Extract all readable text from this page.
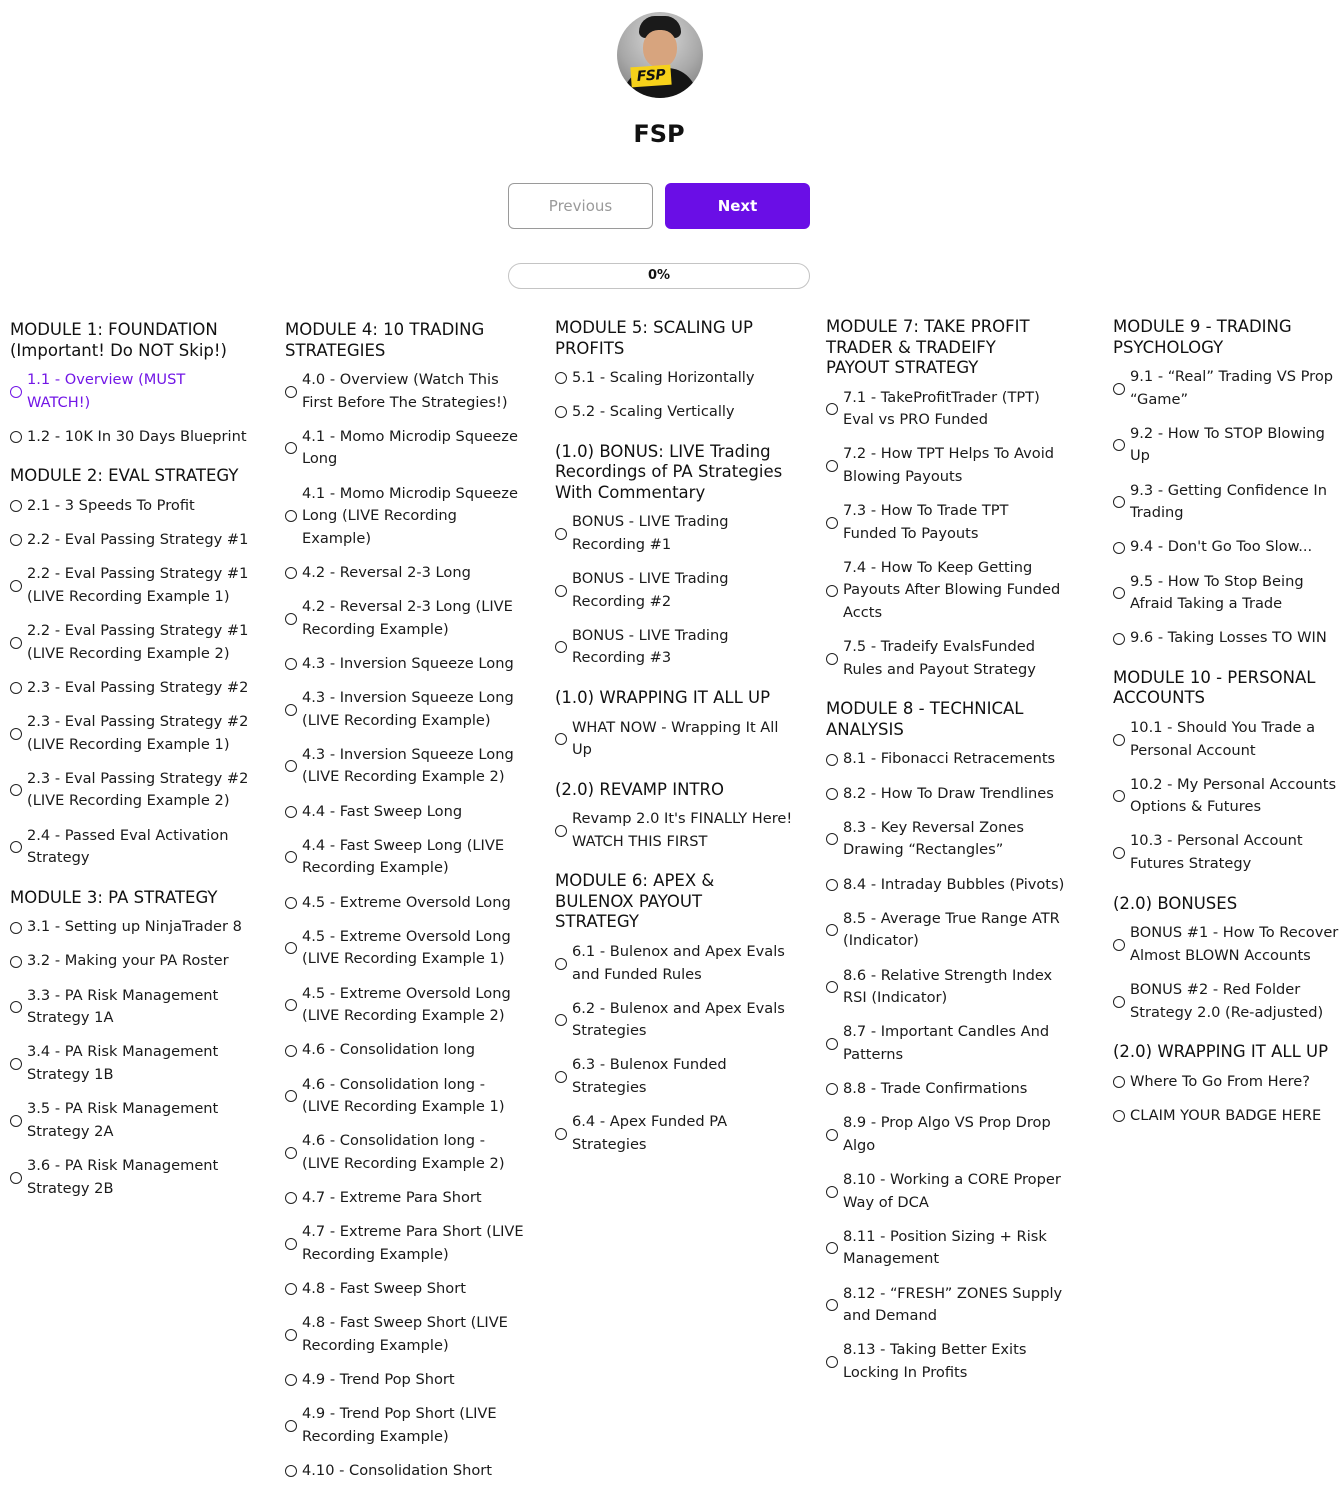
FSP
FSP
Previous	Next
0%
MODULE 1: FOUNDATION
(Important! Do NOT Skip!)
1.1 - Overview (MUST
WATCH!)
1.2 - 10K In 30 Days Blueprint
MODULE 2: EVAL STRATEGY
2.1 - 3 Speeds To Profit
2.2 - Eval Passing Strategy #1
2.2 - Eval Passing Strategy #1
(LIVE Recording Example 1)
2.2 - Eval Passing Strategy #1
(LIVE Recording Example 2)
2.3 - Eval Passing Strategy #2
2.3 - Eval Passing Strategy #2
(LIVE Recording Example 1)
2.3 - Eval Passing Strategy #2
(LIVE Recording Example 2)
2.4 - Passed Eval Activation
Strategy
MODULE 3: PA STRATEGY
3.1 - Setting up NinjaTrader 8
3.2 - Making your PA Roster
3.3 - PA Risk Management
Strategy 1A
3.4 - PA Risk Management
Strategy 1B
3.5 - PA Risk Management
Strategy 2A
3.6 - PA Risk Management
Strategy 2B
MODULE 4: 10 TRADING
STRATEGIES
4.0 - Overview (Watch This
First Before The Strategies!)
4.1 - Momo Microdip Squeeze
Long
4.1 - Momo Microdip Squeeze
Long (LIVE Recording
Example)
4.2 - Reversal 2-3 Long
4.2 - Reversal 2-3 Long (LIVE
Recording Example)
4.3 - Inversion Squeeze Long
4.3 - Inversion Squeeze Long
(LIVE Recording Example)
4.3 - Inversion Squeeze Long
(LIVE Recording Example 2)
4.4 - Fast Sweep Long
4.4 - Fast Sweep Long (LIVE
Recording Example)
4.5 - Extreme Oversold Long
4.5 - Extreme Oversold Long
(LIVE Recording Example 1)
4.5 - Extreme Oversold Long
(LIVE Recording Example 2)
4.6 - Consolidation long
4.6 - Consolidation long -
(LIVE Recording Example 1)
4.6 - Consolidation long -
(LIVE Recording Example 2)
4.7 - Extreme Para Short
4.7 - Extreme Para Short (LIVE
Recording Example)
4.8 - Fast Sweep Short
4.8 - Fast Sweep Short (LIVE
Recording Example)
4.9 - Trend Pop Short
4.9 - Trend Pop Short (LIVE
Recording Example)
4.10 - Consolidation Short
MODULE 5: SCALING UP
PROFITS
5.1 - Scaling Horizontally
5.2 - Scaling Vertically
(1.0) BONUS: LIVE Trading
Recordings of PA Strategies
With Commentary
BONUS - LIVE Trading
Recording #1
BONUS - LIVE Trading
Recording #2
BONUS - LIVE Trading
Recording #3
(1.0) WRAPPING IT ALL UP
WHAT NOW - Wrapping It All
Up
(2.0) REVAMP INTRO
Revamp 2.0 It's FINALLY Here!
WATCH THIS FIRST
MODULE 6: APEX &
BULENOX PAYOUT
STRATEGY
6.1 - Bulenox and Apex Evals
and Funded Rules
6.2 - Bulenox and Apex Evals
Strategies
6.3 - Bulenox Funded
Strategies
6.4 - Apex Funded PA
Strategies
MODULE 7: TAKE PROFIT
TRADER & TRADEIFY
PAYOUT STRATEGY
7.1 - TakeProfitTrader (TPT)
Eval vs PRO Funded
7.2 - How TPT Helps To Avoid
Blowing Payouts
7.3 - How To Trade TPT
Funded To Payouts
7.4 - How To Keep Getting
Payouts After Blowing Funded
Accts
7.5 - Tradeify EvalsFunded
Rules and Payout Strategy
MODULE 8 - TECHNICAL
ANALYSIS
8.1 - Fibonacci Retracements
8.2 - How To Draw Trendlines
8.3 - Key Reversal Zones
Drawing “Rectangles”
8.4 - Intraday Bubbles (Pivots)
8.5 - Average True Range ATR
(Indicator)
8.6 - Relative Strength Index
RSI (Indicator)
8.7 - Important Candles And
Patterns
8.8 - Trade Confirmations
8.9 - Prop Algo VS Prop Drop
Algo
8.10 - Working a CORE Proper
Way of DCA
8.11 - Position Sizing + Risk
Management
8.12 - “FRESH” ZONES Supply
and Demand
8.13 - Taking Better Exits
Locking In Profits
MODULE 9 - TRADING
PSYCHOLOGY
9.1 - “Real” Trading VS Prop
“Game”
9.2 - How To STOP Blowing
Up
9.3 - Getting Confidence In
Trading
9.4 - Don't Go Too Slow...
9.5 - How To Stop Being
Afraid Taking a Trade
9.6 - Taking Losses TO WIN
MODULE 10 - PERSONAL
ACCOUNTS
10.1 - Should You Trade a
Personal Account
10.2 - My Personal Accounts
Options & Futures
10.3 - Personal Account
Futures Strategy
(2.0) BONUSES
BONUS #1 - How To Recover
Almost BLOWN Accounts
BONUS #2 - Red Folder
Strategy 2.0 (Re-adjusted)
(2.0) WRAPPING IT ALL UP
Where To Go From Here?
CLAIM YOUR BADGE HERE
